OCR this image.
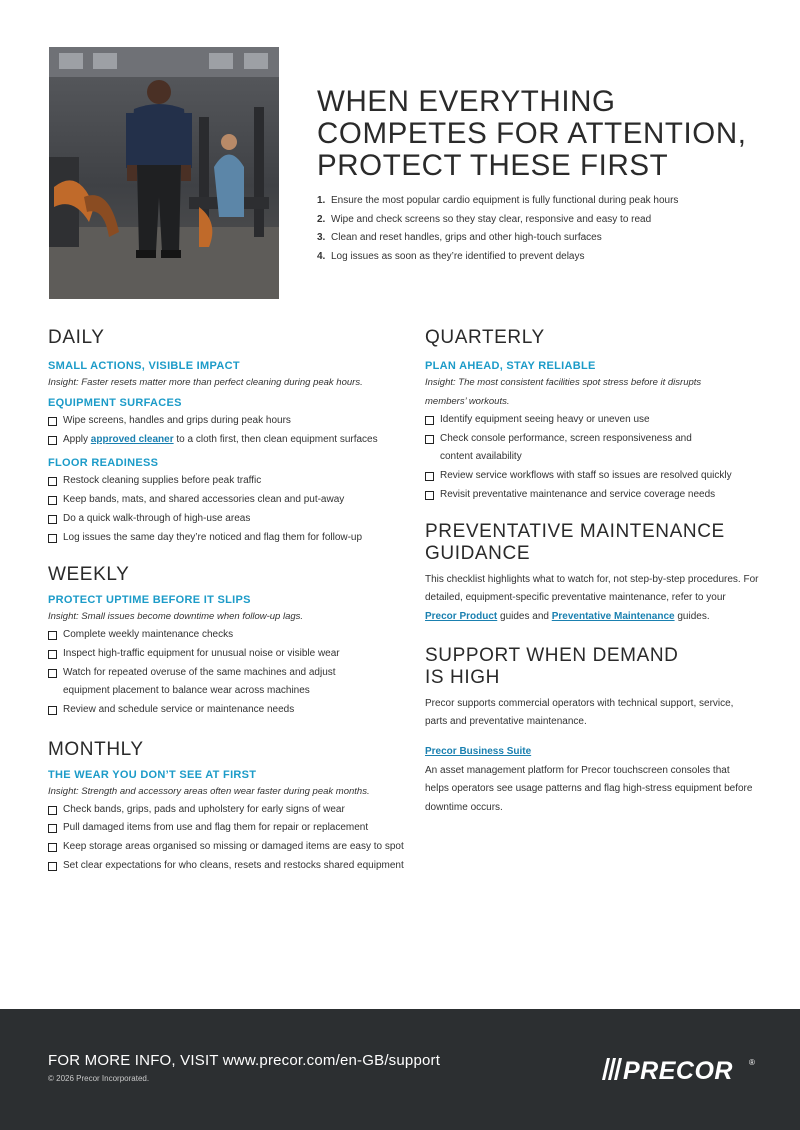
WHEN EVERYTHING
COMPETES FOR ATTENTION,
PROTECT THESE FIRST
1. Ensure the most popular cardio equipment is fully functional during peak hours
2. Wipe and check screens so they stay clear, responsive and easy to read
3. Clean and reset handles, grips and other high-touch surfaces
4. Log issues as soon as they’re identified to prevent delays
DAILY
SMALL ACTIONS, VISIBLE IMPACT
Insight: Faster resets matter more than perfect cleaning during peak hours.
EQUIPMENT SURFACES
Wipe screens, handles and grips during peak hours
Apply approved cleaner to a cloth first, then clean equipment surfaces
FLOOR READINESS
Restock cleaning supplies before peak traffic
Keep bands, mats, and shared accessories clean and put-away
Do a quick walk-through of high-use areas
Log issues the same day they’re noticed and flag them for follow-up
WEEKLY
PROTECT UPTIME BEFORE IT SLIPS
Insight: Small issues become downtime when follow-up lags.
Complete weekly maintenance checks
Inspect high-traffic equipment for unusual noise or visible wear
Watch for repeated overuse of the same machines and adjust equipment placement to balance wear across machines
Review and schedule service or maintenance needs
MONTHLY
THE WEAR YOU DON’T SEE AT FIRST
Insight: Strength and accessory areas often wear faster during peak months.
Check bands, grips, pads and upholstery for early signs of wear
Pull damaged items from use and flag them for repair or replacement
Keep storage areas organised so missing or damaged items are easy to spot
Set clear expectations for who cleans, resets and restocks shared equipment
QUARTERLY
PLAN AHEAD, STAY RELIABLE
Insight: The most consistent facilities spot stress before it disrupts members’ workouts.
Identify equipment seeing heavy or uneven use
Check console performance, screen responsiveness and content availability
Review service workflows with staff so issues are resolved quickly
Revisit preventative maintenance and service coverage needs
PREVENTATIVE MAINTENANCE
GUIDANCE
This checklist highlights what to watch for, not step-by-step procedures. For detailed, equipment-specific preventative maintenance, refer to your Precor Product guides and Preventative Maintenance guides.
SUPPORT WHEN DEMAND
IS HIGH
Precor supports commercial operators with technical support, service, parts and preventative maintenance.
Precor Business Suite
An asset management platform for Precor touchscreen consoles that helps operators see usage patterns and flag high-stress equipment before downtime occurs.
FOR MORE INFO, VISIT www.precor.com/en-GB/support
© 2026 Precor Incorporated.	PRECOR ®
